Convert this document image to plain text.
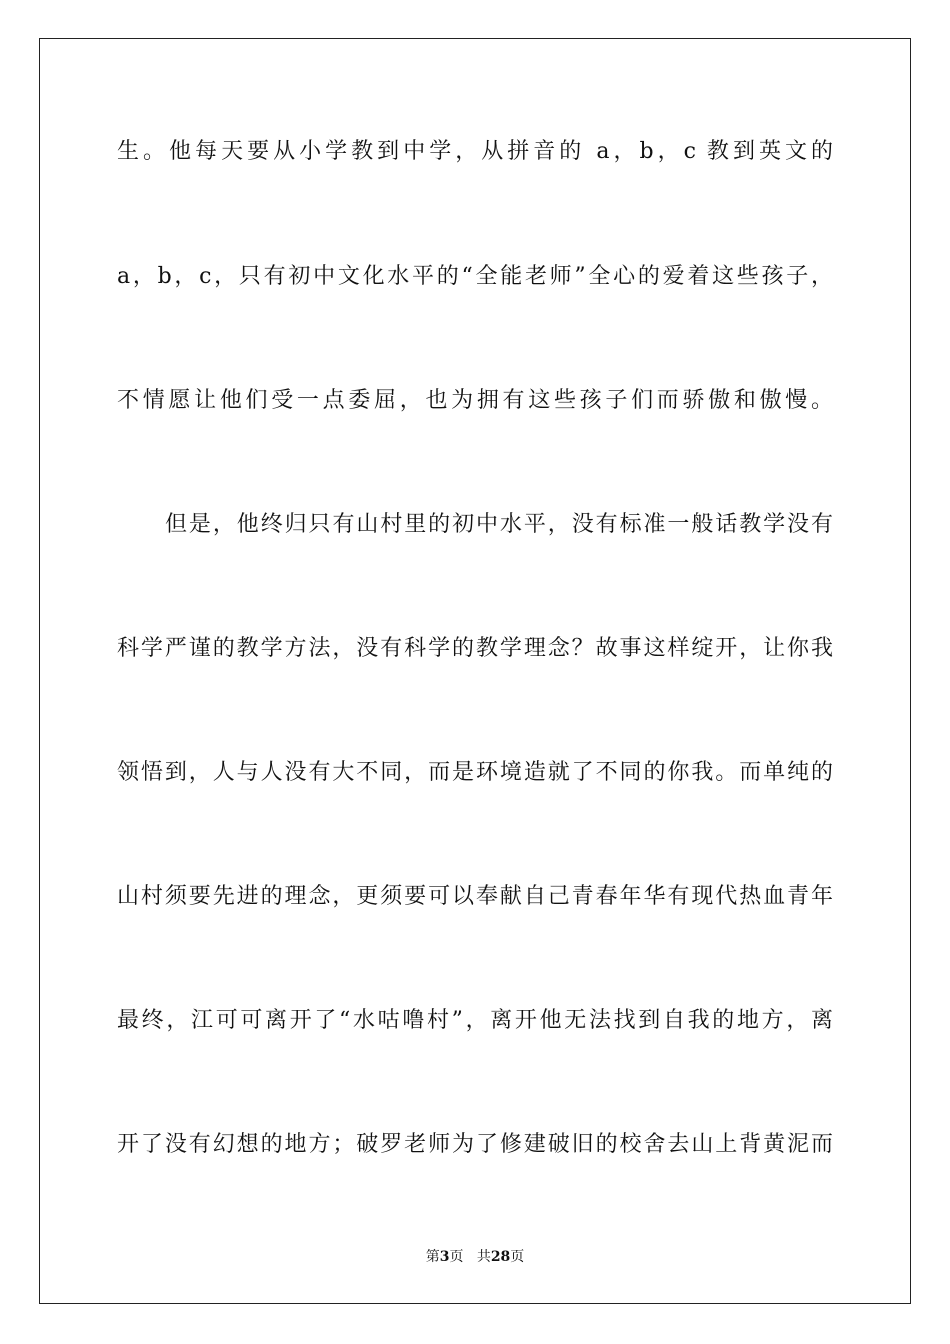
生。他每天要从小学教到中学，从拼音的 a，b，c 教到英文的
a，b，c，只有初中文化水平的“全能老师”全心的爱着这些孩子，
不情愿让他们受一点委屈，也为拥有这些孩子们而骄傲和傲慢。
但是，他终归只有山村里的初中水平，没有标准一般话教学没有
科学严谨的教学方法，没有科学的教学理念？故事这样绽开，让你我
领悟到，人与人没有大不同，而是环境造就了不同的你我。而单纯的
山村须要先进的理念，更须要可以奉献自己青春年华有现代热血青年
最终，江可可离开了“水咕噜村”，离开他无法找到自我的地方，离
开了没有幻想的地方；破罗老师为了修建破旧的校舍去山上背黄泥而
第3页 共28页
